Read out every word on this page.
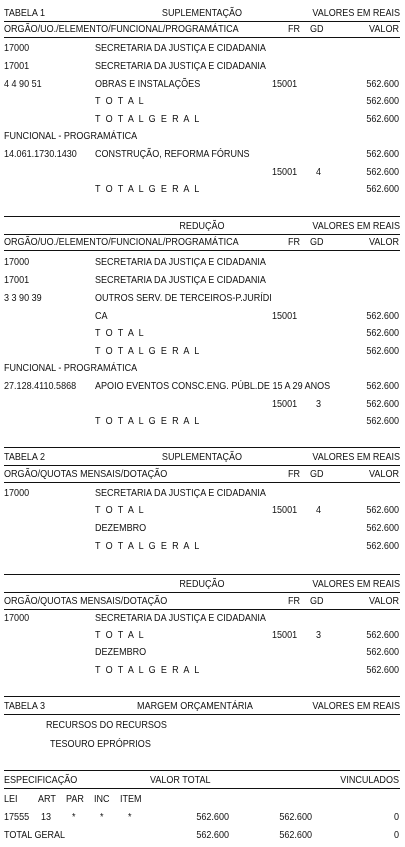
TABELA 1	SUPLEMENTAÇÃO	VALORES EM REAIS
ORGÃO/UO./ELEMENTO/FUNCIONAL/PROGRAMÁTICA	FR GD	VALOR
17000	SECRETARIA DA JUSTIÇA E CIDADANIA
17001	SECRETARIA DA JUSTIÇA E CIDADANIA
4 4 90 51	OBRAS E INSTALAÇÕES	15001	562.600
T O T A L	562.600
T O T A L G E R A L	562.600
FUNCIONAL - PROGRAMÁTICA
14.061.1730.1430 CONSTRUÇÃO, REFORMA FÓRUNS	562.600
15001 4	562.600
T O T A L G E R A L	562.600
REDUÇÃO	VALORES EM REAIS
ORGÃO/UO./ELEMENTO/FUNCIONAL/PROGRAMÁTICA	FR GD	VALOR
17000	SECRETARIA DA JUSTIÇA E CIDADANIA
17001	SECRETARIA DA JUSTIÇA E CIDADANIA
3 3 90 39	OUTROS SERV. DE TERCEIROS-P.JURÍDI
CA	15001	562.600
T O T A L	562.600
T O T A L G E R A L	562.600
FUNCIONAL - PROGRAMÁTICA
27.128.4110.5868 APOIO EVENTOS CONSC.ENG. PÚBL.DE 15 A 29 ANOS	562.600
15001 3	562.600
T O T A L G E R A L	562.600
TABELA 2	SUPLEMENTAÇÃO	VALORES EM REAIS
ORGÃO/QUOTAS MENSAIS/DOTAÇÃO	FR GD	VALOR
17000	SECRETARIA DA JUSTIÇA E CIDADANIA
T O T A L	15001 4	562.600
DEZEMBRO	562.600
T O T A L G E R A L	562.600
REDUÇÃO	VALORES EM REAIS
ORGÃO/QUOTAS MENSAIS/DOTAÇÃO	FR GD	VALOR
17000	SECRETARIA DA JUSTIÇA E CIDADANIA
T O T A L	15001 3	562.600
DEZEMBRO	562.600
T O T A L G E R A L	562.600
TABELA 3	MARGEM ORÇAMENTÁRIA	VALORES EM REAIS
RECURSOS DO RECURSOS
TESOURO EPRÓPRIOS
ESPECIFICAÇÃO	VALOR TOTAL	VINCULADOS
LEI ART PAR INC ITEM
17555 13 * * *	562.600	562.600	0
TOTAL GERAL	562.600	562.600	0
